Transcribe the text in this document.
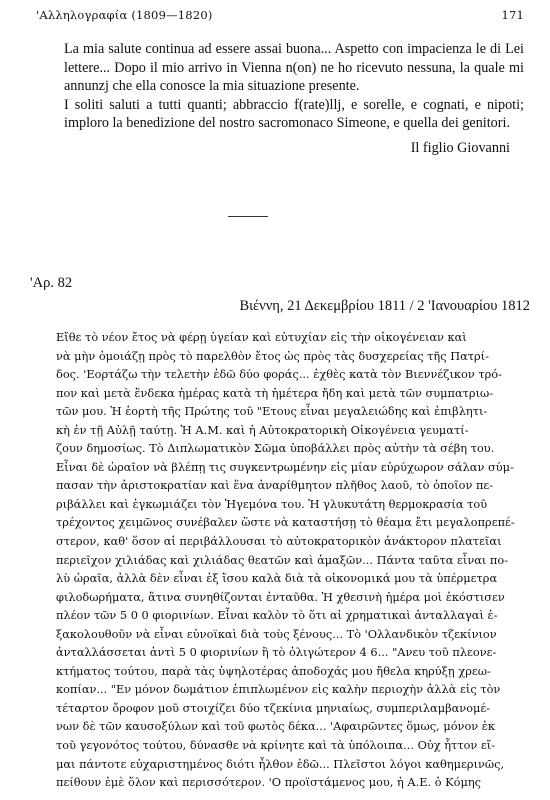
'Αλληλογραφία (1809—1820)	171

La mia salute continua ad essere assai buona... Aspetto con impacienza le di Lei lettere... Dopo il mio arrivo in Vienna n(on) ne ho ricevuto nessuna, la quale mi annunzj che ella conosce la mia situazione presente.

I soliti saluti a tutti quanti; abbraccio f(rate)llj, e sorelle, e cognati, e nipoti; imploro la benedizione del nostro sacromonaco Simeone, e quella dei genitori.

Il figlio Giovanni

'Αρ. 82
Βιέννη, 21 Δεκεμβρίου 1811 / 2 'Ιανουαρίου 1812
Εἴθε τὸ νέον ἔτος νὰ φέρῃ ὑγείαν καὶ εὐτυχίαν εἰς τὴν οἰκογένειαν καὶ
νὰ μὴν ὁμοιάζῃ πρὸς τὸ παρελθὸν ἔτος ὡς πρὸς τὰς δυσχερείας τῆς Πατρί-
δος. 'Εορτάζω τὴν τελετὴν ἐδῶ δύο φοράς... ἐχθὲς κατὰ τὸν Βιεννέζικον τρό-
πον καὶ μετὰ ἕνδεκα ἡμέρας κατὰ τὴ ἡμέτερα ἤδη καὶ μετὰ τῶν συμπατριω-
τῶν μου. Ἡ ἑορτὴ τῆς Πρώτης τοῦ "Ετους εἶναι μεγαλειώδης καὶ ἐπιβλητι-
κὴ ἐν τῇ Αὐλῇ ταύτῃ. Ἡ Α.Μ. καὶ ἡ Αὐτοκρατορικὴ Οἰκογένεια γευματί-
ζουν δημοσίως. Τὸ Διπλωματικὸν Σῶμα ὑποβάλλει πρὸς αὐτὴν τὰ σέβη του.
Εἶναι δὲ ὡραῖον νὰ βλέπῃ τις συγκεντρωμένην εἰς μίαν εὐρύχωρον σάλαν σύμ-
πασαν τὴν ἀριστοκρατίαν καὶ ἕνα ἀναρίθμητον πλῆθος λαοῦ, τὸ ὁποῖον πε-
ριβάλλει καὶ ἐγκωμιάζει τὸν Ἡγεμόνα του. Ἡ γλυκυτάτη θερμοκρασία τοῦ
τρέχοντος χειμῶνος συνέβαλεν ὥστε νὰ καταστήσῃ τὸ θέαμα ἔτι μεγαλοπρεπέ-
στερον, καθ' ὅσον αἱ περιβάλλουσαι τὸ αὐτοκρατορικὸν ἀνάκτορον πλατεῖαι
περιεῖχον χιλιάδας καὶ χιλιάδας θεατῶν καὶ ἁμαξῶν... Πάντα ταῦτα εἶναι πο-
λὺ ὡραῖα, ἀλλὰ δὲν εἶναι ἐξ ἴσου καλὰ διὰ τὰ οἰκονομικά μου τὰ ὑπέρμετρα
φιλοδωρήματα, ἅτινα συνηθίζονται ἐνταῦθα. Ἡ χθεσινὴ ἡμέρα μοὶ ἐκόστισεν
πλέον τῶν 5 0 0 φιορινίων. Εἶναι καλὸν τὸ ὅτι αἱ χρηματικαὶ ἀνταλλαγαὶ ἐ-
ξακολουθοῦν νὰ εἶναι εὐνοϊκαὶ διὰ τοὺς ξένους... Τὸ 'Ολλανδικὸν τζεκίνιον
ἀνταλλάσσεται ἀντὶ 5 0 φιορινίων ἢ τὸ ὀλιγώτερον 4 6... "Ανευ τοῦ πλεονε-
κτήματος τούτου, παρὰ τὰς ὑψηλοτέρας ἀποδοχάς μου ἤθελα κηρύξῃ χρεω-
κοπίαν... "Εν μόνον δωμάτιον ἐπιπλωμένον εἰς καλὴν περιοχὴν ἀλλὰ εἰς τὸν
τέταρτον ὄροφον μοῦ στοιχίζει δύο τζεκίνια μηνιαίως, συμπεριλαμβανομέ-
νων δὲ τῶν καυσοξύλων καὶ τοῦ φωτὸς δέκα... 'Αφαιρῶντες ὅμως, μόνον ἐκ
τοῦ γεγονότος τούτου, δύνασθε νὰ κρίνητε καὶ τὰ ὑπόλοιπα... Οὐχ ἧττον εἴ-
μαι πάντοτε εὐχαριστημένος διότι ἦλθον ἐδῶ... Πλεῖστοι λόγοι καθημερινῶς,
πείθουν ἐμὲ ὅλον καὶ περισσότερον. 'Ο προϊστάμενος μου, ἡ Α.Ε. ὁ Κόμης
